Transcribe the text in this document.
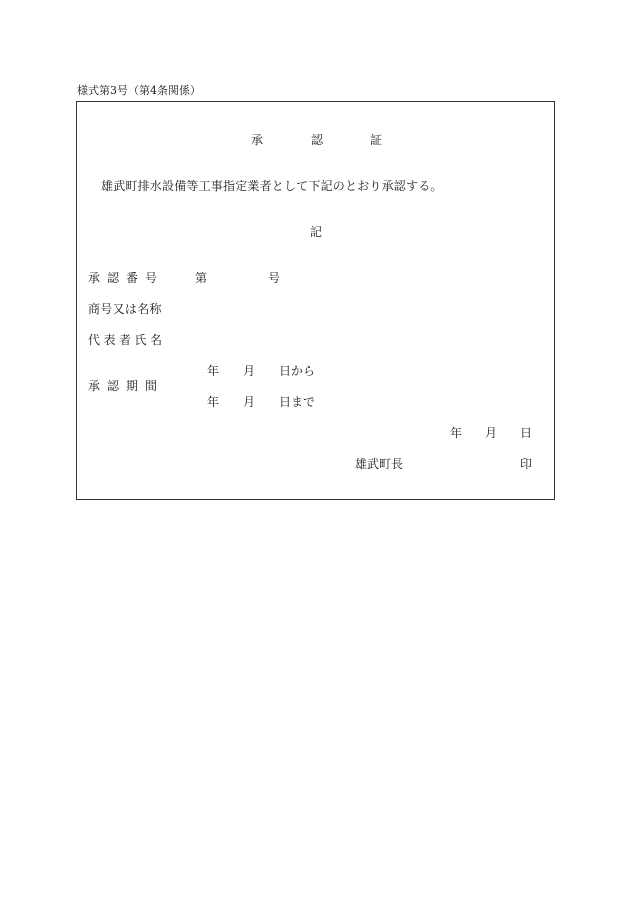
様式第3号（第4条関係）
承	認	証
雄武町排水設備等工事指定業者として下記のとおり承認する。
記
承認番号	第	号
商号又は名称
代表者氏名
承認期間
年 月 日から
年 月 日まで
年 月 日
雄武町長	印
